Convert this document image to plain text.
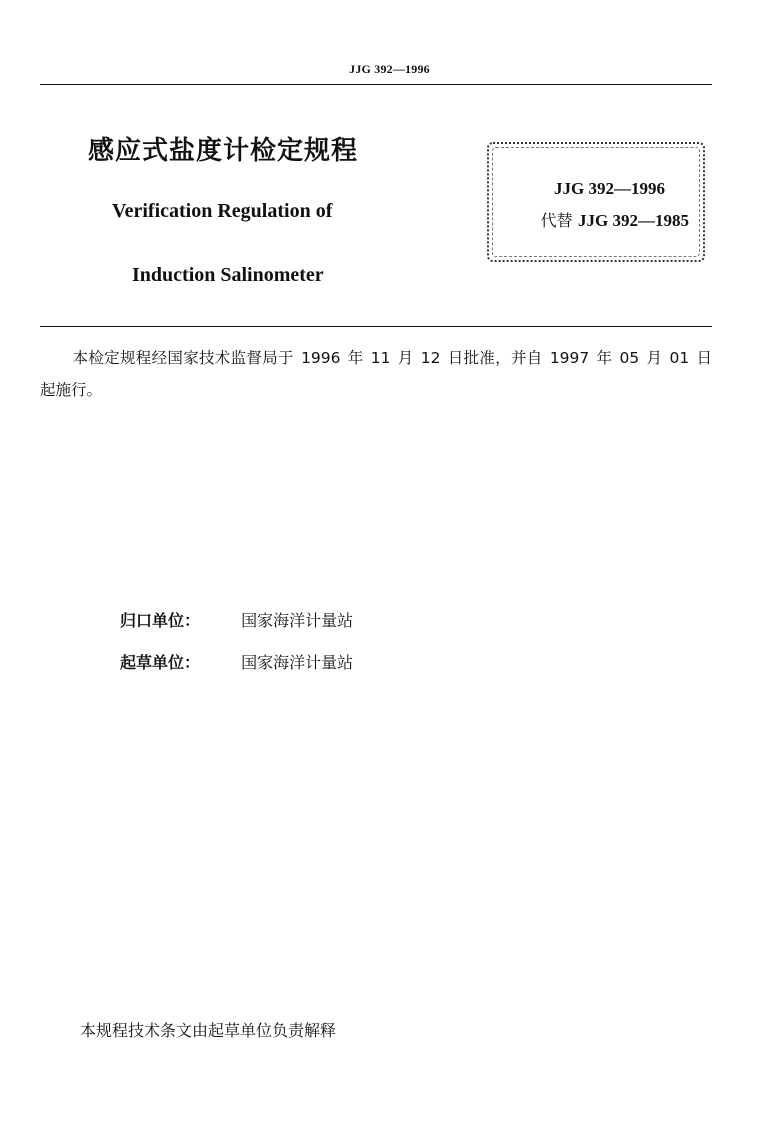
JJG 392—1996
感应式盐度计检定规程
Verification Regulation of
Induction Salinometer
JJG 392—1996
代替 JJG 392—1985
本检定规程经国家技术监督局于 1996 年 11 月 12 日批准，并自 1997 年 05 月 01 日起施行。
归口单位：	国家海洋计量站
起草单位：	国家海洋计量站
本规程技术条文由起草单位负责解释
